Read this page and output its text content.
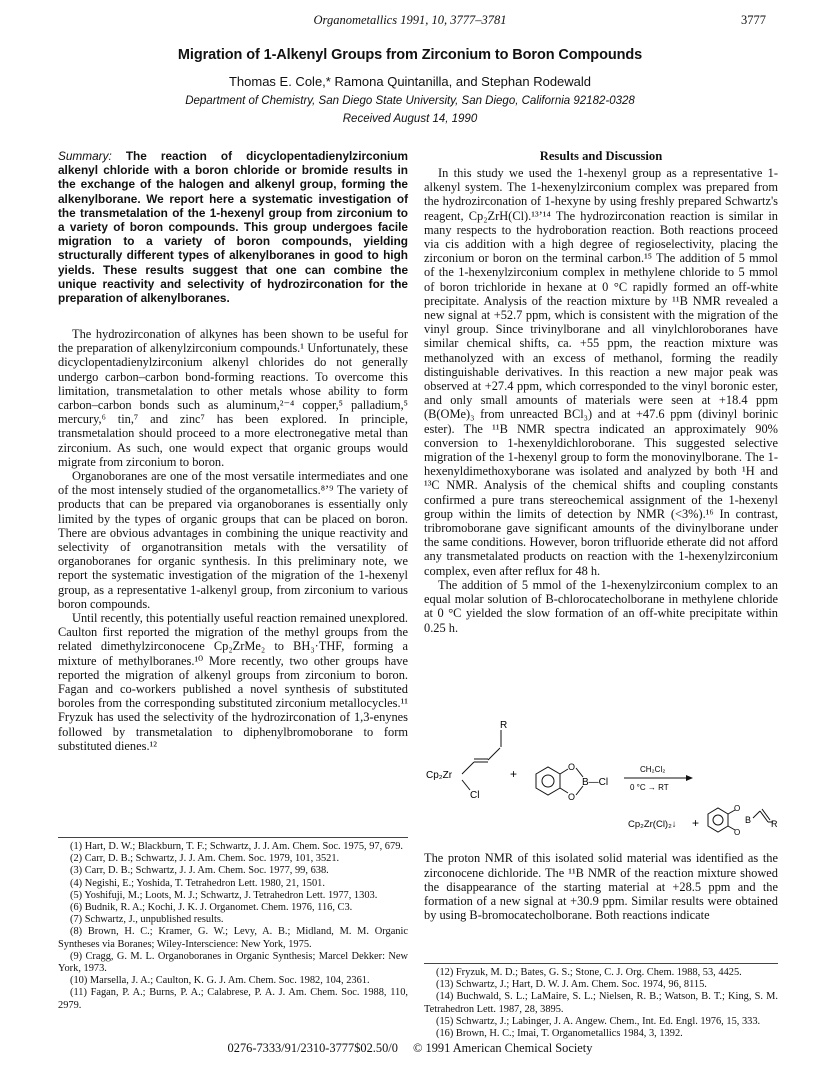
Organometallics 1991, 10, 3777–3781	3777
Migration of 1-Alkenyl Groups from Zirconium to Boron Compounds
Thomas E. Cole,* Ramona Quintanilla, and Stephan Rodewald
Department of Chemistry, San Diego State University, San Diego, California 92182-0328
Received August 14, 1990
Summary: The reaction of dicyclopentadienylzirconium alkenyl chloride with a boron chloride or bromide results in the exchange of the halogen and alkenyl group, forming the alkenylborane. We report here a systematic investigation of the transmetalation of the 1-hexenyl group from zirconium to a variety of boron compounds. This group undergoes facile migration to a variety of boron compounds, yielding structurally different types of alkenylboranes in good to high yields. These results suggest that one can combine the unique reactivity and selectivity of hydrozirconation for the preparation of alkenylboranes.

The hydrozirconation of alkynes has been shown to be useful for the preparation of alkenylzirconium compounds.¹ Unfortunately, these dicyclopentadienylzirconium alkenyl chlorides do not generally undergo carbon–carbon bond-forming reactions. To overcome this limitation, transmetalation to other metals whose ability to form carbon–carbon bonds such as aluminum,²⁻⁴ copper,⁵ palladium,⁵ mercury,⁶ tin,⁷ and zinc⁷ has been explored. In principle, transmetalation should proceed to a more electronegative metal than zirconium. As such, one would expect that organic groups would migrate from zirconium to boron.

Organoboranes are one of the most versatile intermediates and one of the most intensely studied of the organometallics.⁸ʼ⁹ The variety of products that can be prepared via organoboranes is essentially only limited by the types of organic groups that can be placed on boron. There are obvious advantages in combining the unique reactivity and selectivity of organotransition metals with the versatility of organoboranes for organic synthesis. In this preliminary note, we report the systematic investigation of the migration of the 1-hexenyl group, as a representative 1-alkenyl group, from zirconium to various boron compounds.

Until recently, this potentially useful reaction remained unexplored. Caulton first reported the migration of the methyl groups from the related dimethylzirconocene Cp₂ZrMe₂ to BH₃·THF, forming a mixture of methylboranes.¹⁰ More recently, two other groups have reported the migration of alkenyl groups from zirconium to boron. Fagan and co-workers published a novel synthesis of substituted boroles from the corresponding substituted zirconium metallocycles.¹¹ Fryzuk has used the selectivity of the hydrozirconation of 1,3-enynes followed by transmetalation to diphenylbromoborane to form substituted dienes.¹²

Results and Discussion

In this study we used the 1-hexenyl group as a representative 1-alkenyl system. The 1-hexenylzirconium complex was prepared from the hydrozirconation of 1-hexyne by using freshly prepared Schwartz's reagent, Cp₂ZrH(Cl).¹³ʼ¹⁴ The hydrozirconation reaction is similar in many respects to the hydroboration reaction. Both reactions proceed via cis addition with a high degree of regioselectivity, placing the zirconium or boron on the terminal carbon.¹⁵ The addition of 5 mmol of the 1-hexenylzirconium complex in methylene chloride to 5 mmol of boron trichloride in hexane at 0 °C rapidly formed an off-white precipitate. Analysis of the reaction mixture by ¹¹B NMR revealed a new signal at +52.7 ppm, which is consistent with the migration of the vinyl group. Since trivinylborane and all vinylchloroboranes have similar chemical shifts, ca. +55 ppm, the reaction mixture was methanolyzed with an excess of methanol, forming the readily distinguishable derivatives. In this reaction a new major peak was observed at +27.4 ppm, which corresponded to the vinyl boronic ester, and only small amounts of materials were seen at +18.4 ppm (B(OMe)₃ from unreacted BCl₃) and at +47.6 ppm (divinyl borinic ester). The ¹¹B NMR spectra indicated an approximately 90% conversion to 1-hexenyldichloroborane. This suggested selective migration of the 1-hexenyl group to form the monovinylborane. The 1-hexenyldimethoxyborane was isolated and analyzed by both ¹H and ¹³C NMR. Analysis of the chemical shifts and coupling constants confirmed a pure trans stereochemical assignment of the 1-hexenyl group within the limits of detection by NMR (<3%).¹⁶ In contrast, tribromoborane gave significant amounts of the divinylborane under the same conditions. However, boron trifluoride etherate did not afford any transmetalated products on reaction with the 1-hexenylzirconium complex, even after reflux for 48 h.

The addition of 5 mmol of the 1-hexenylzirconium complex to an equal molar solution of B-chlorocatecholborane in methylene chloride at 0 °C yielded the slow formation of an off-white precipitate within 0.25 h.

Cp₂Zr
R
Cl
+	O
O
B—Cl
CH₂Cl₂
0 °C → RT
Cp₂Zr(Cl)₂↓ +
O
O
B R

The proton NMR of this isolated solid material was identified as the zirconocene dichloride. The ¹¹B NMR of the reaction mixture showed the disappearance of the starting material at +28.5 ppm and the formation of a new signal at +30.9 ppm. Similar results were obtained by using B-bromocatecholborane. Both reactions indicate

(1) Hart, D. W.; Blackburn, T. F.; Schwartz, J. J. Am. Chem. Soc. 1975, 97, 679.
(2) Carr, D. B.; Schwartz, J. J. Am. Chem. Soc. 1979, 101, 3521.
(3) Carr, D. B.; Schwartz, J. J. Am. Chem. Soc. 1977, 99, 638.
(4) Negishi, E.; Yoshida, T. Tetrahedron Lett. 1980, 21, 1501.
(5) Yoshifuji, M.; Loots, M. J.; Schwartz, J. Tetrahedron Lett. 1977, 1303.
(6) Budnik, R. A.; Kochi, J. K. J. Organomet. Chem. 1976, 116, C3.
(7) Schwartz, J., unpublished results.
(8) Brown, H. C.; Kramer, G. W.; Levy, A. B.; Midland, M. M. Organic Syntheses via Boranes; Wiley-Interscience: New York, 1975.
(9) Cragg, G. M. L. Organoboranes in Organic Synthesis; Marcel Dekker: New York, 1973.
(10) Marsella, J. A.; Caulton, K. G. J. Am. Chem. Soc. 1982, 104, 2361.
(11) Fagan, P. A.; Burns, P. A.; Calabrese, P. A. J. Am. Chem. Soc. 1988, 110, 2979.
(12) Fryzuk, M. D.; Bates, G. S.; Stone, C. J. Org. Chem. 1988, 53, 4425.
(13) Schwartz, J.; Hart, D. W. J. Am. Chem. Soc. 1974, 96, 8115.
(14) Buchwald, S. L.; LaMaire, S. L.; Nielsen, R. B.; Watson, B. T.; King, S. M. Tetrahedron Lett. 1987, 28, 3895.
(15) Schwartz, J.; Labinger, J. A. Angew. Chem., Int. Ed. Engl. 1976, 15, 333.
(16) Brown, H. C.; Imai, T. Organometallics 1984, 3, 1392.
0276-7333/91/2310-3777$02.50/0 © 1991 American Chemical Society
